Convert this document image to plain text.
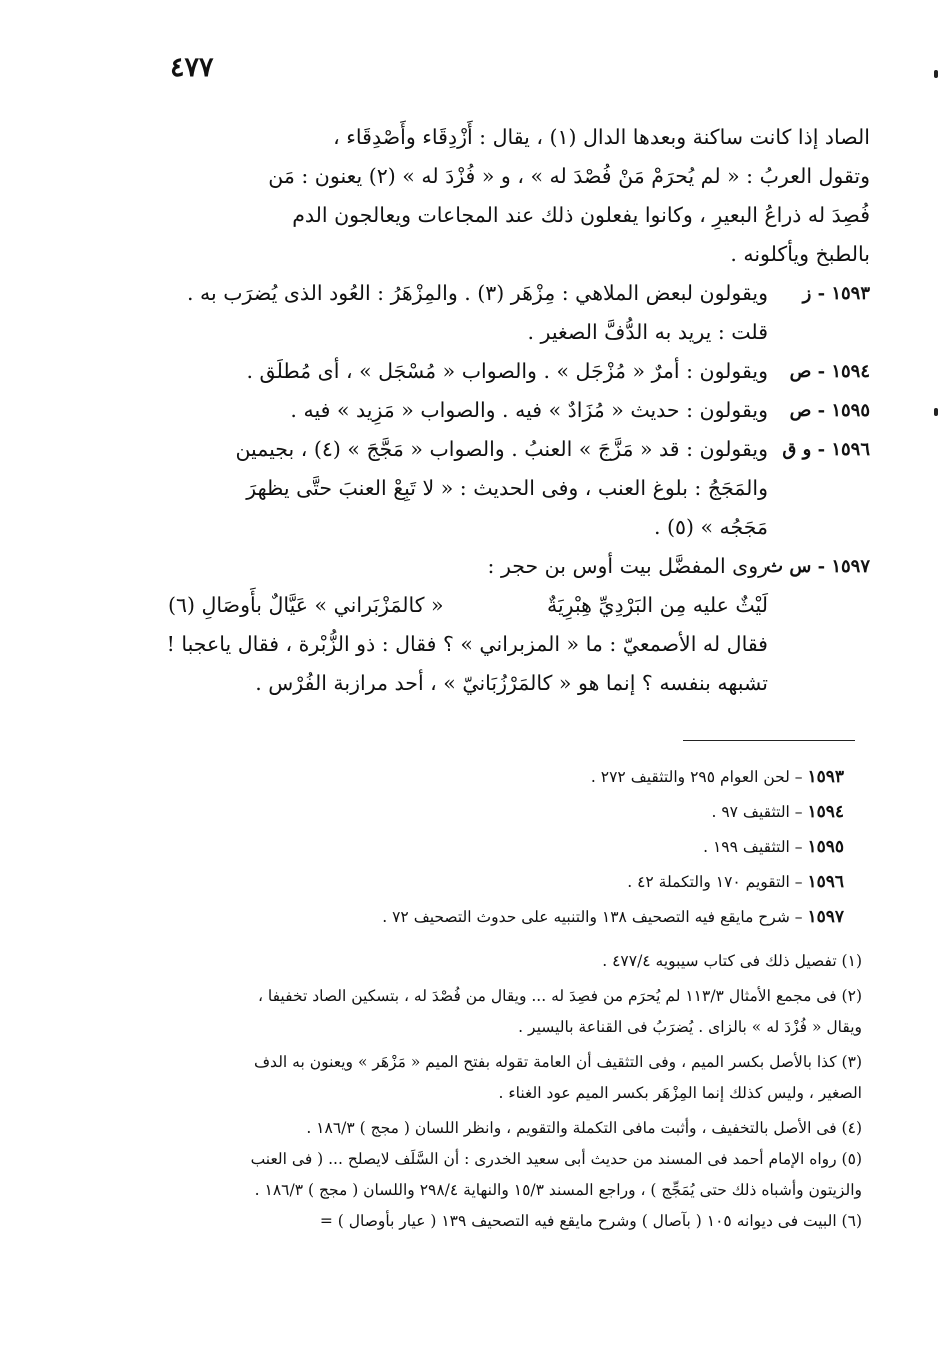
٤٧٧
الصاد إذا كانت ساكنة وبعدها الدال (١) ، يقال : أَزْدِقَاء وأَصْدِقَاء ،
وتقول العربُ : « لم يُحرَمْ مَنْ فُصْدَ له » ، و « فُزْدَ له » (٢) يعنون : مَن
فُصِدَ له ذراعُ البعيرِ ، وكانوا يفعلون ذلك عند المجاعات ويعالجون الدم
بالطبخ ويأكلونه .
١٥٩٣ - ز
ويقولون لبعض الملاهي : مِزْهَر (٣) . والمِزْهَرُ : العُود الذى يُضرَب به .
قلت : يريد به الدُّفَّ الصغير .
١٥٩٤ - ص
ويقولون : أمرٌ « مُزْجَل » . والصواب « مُسْجَل » ، أى مُطلَق .
١٥٩٥ - ص
ويقولون : حديث « مُزَادٌ » فيه . والصواب « مَزِيد » فيه .
١٥٩٦ - و ق
ويقولون : قد « مَزَّجَ » العنبُ . والصواب « مَجَّجَ » (٤) ، بجيمين
والمَجَجُ : بلوغ العنب ، وفى الحديث : « لا تَبِعْ العنبَ حتَّى يظهرَ
مَجَجُه » (٥) .
١٥٩٧ - س ث
روى المفضَّل بيت أوس بن حجر :
لَيْثٌ عليه مِن البَرْدِيِّ هِبْرِيَةٌ
« كالمَزْبَراني » عَيَّالٌ بأَوصَالِ (٦)
فقال له الأصمعيّ : ما « المزبراني » ؟ فقال : ذو الزُّبْرة ، فقال ياعجبا !
تشبهه بنفسه ؟ إنما هو « كالمَرْزُبَانيّ » ، أحد مرازبة الفُرْس .
١٥٩٣ – لحن العوام ٢٩٥ والتثقيف ٢٧٢ .
١٥٩٤ – التثقيف ٩٧ .
١٥٩٥ – التثقيف ١٩٩ .
١٥٩٦ – التقويم ١٧٠ والتكملة ٤٢ .
١٥٩٧ – شرح مايقع فيه التصحيف ١٣٨ والتنبيه على حدوث التصحيف ٧٢ .
(١) تفصيل ذلك فى كتاب سيبويه ٤٧٧/٤ .
(٢) فى مجمع الأمثال ١١٣/٣ لم يُحرَم من فصِدَ له ... ويقال من فُصْدَ له ، بتسكين الصاد تخفيفا ،
ويقال « فُزْدَ له » بالزاى . يُضرَبُ فى القناعة باليسير .
(٣) كذا بالأصل بكسر الميم ، وفى التثقيف أن العامة تقوله بفتح الميم « مَزْهَر » ويعنون به الدف
الصغير ، وليس كذلك إنما المِزْهَر بكسر الميم عود الغناء .
(٤) فى الأصل بالتخفيف ، وأثبت مافى التكملة والتقويم ، وانظر اللسان ( مجج ) ١٨٦/٣ .
(٥) رواه الإمام أحمد فى المسند من حديث أبى سعيد الخدرى : أن السَّلَف لايصلح ... ( فى العنب
والزيتون وأشباه ذلك حتى يُمَجِّج ) ، وراجع المسند ١٥/٣ والنهاية ٢٩٨/٤ واللسان ( مجج ) ١٨٦/٣ .
(٦) البيت فى ديوانه ١٠٥ ( بآصال ) وشرح مايقع فيه التصحيف ١٣٩ ( عيار بأوصال ) =
